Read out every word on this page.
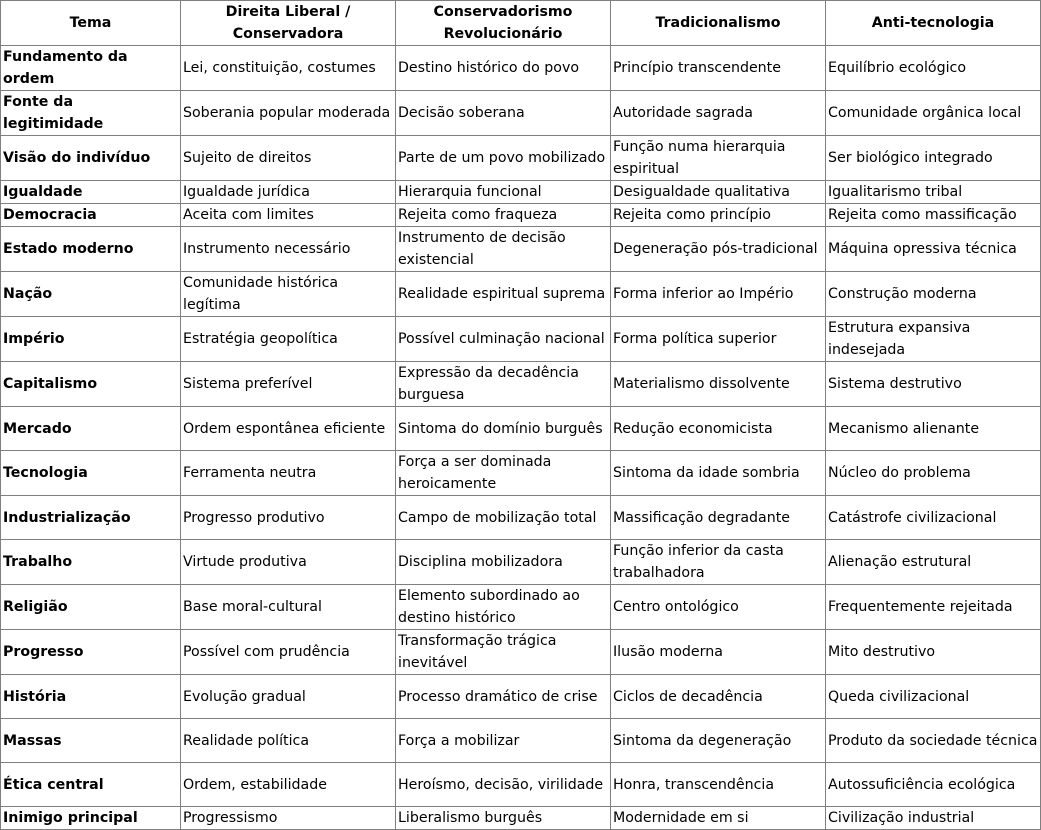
Tema	Direita Liberal / Conservadora	Conservadorismo Revolucionário	Tradicionalismo	Anti-tecnologia
Fundamento da ordem	Lei, constituição, costumes	Destino histórico do povo	Princípio transcendente	Equilíbrio ecológico
Fonte da legitimidade	Soberania popular moderada	Decisão soberana	Autoridade sagrada	Comunidade orgânica local
Visão do indivíduo	Sujeito de direitos	Parte de um povo mobilizado	Função numa hierarquia espiritual	Ser biológico integrado
Igualdade	Igualdade jurídica	Hierarquia funcional	Desigualdade qualitativa	Igualitarismo tribal
Democracia	Aceita com limites	Rejeita como fraqueza	Rejeita como princípio	Rejeita como massificação
Estado moderno	Instrumento necessário	Instrumento de decisão existencial	Degeneração pós-tradicional	Máquina opressiva técnica
Nação	Comunidade histórica legítima	Realidade espiritual suprema	Forma inferior ao Império	Construção moderna
Império	Estratégia geopolítica	Possível culminação nacional	Forma política superior	Estrutura expansiva indesejada
Capitalismo	Sistema preferível	Expressão da decadência burguesa	Materialismo dissolvente	Sistema destrutivo
Mercado	Ordem espontânea eficiente	Sintoma do domínio burguês	Redução economicista	Mecanismo alienante
Tecnologia	Ferramenta neutra	Força a ser dominada heroicamente	Sintoma da idade sombria	Núcleo do problema
Industrialização	Progresso produtivo	Campo de mobilização total	Massificação degradante	Catástrofe civilizacional
Trabalho	Virtude produtiva	Disciplina mobilizadora	Função inferior da casta trabalhadora	Alienação estrutural
Religião	Base moral-cultural	Elemento subordinado ao destino histórico	Centro ontológico	Frequentemente rejeitada
Progresso	Possível com prudência	Transformação trágica inevitável	Ilusão moderna	Mito destrutivo
História	Evolução gradual	Processo dramático de crise	Ciclos de decadência	Queda civilizacional
Massas	Realidade política	Força a mobilizar	Sintoma da degeneração	Produto da sociedade técnica
Ética central	Ordem, estabilidade	Heroísmo, decisão, virilidade	Honra, transcendência	Autossuficiência ecológica
Inimigo principal	Progressismo	Liberalismo burguês	Modernidade em si	Civilização industrial
